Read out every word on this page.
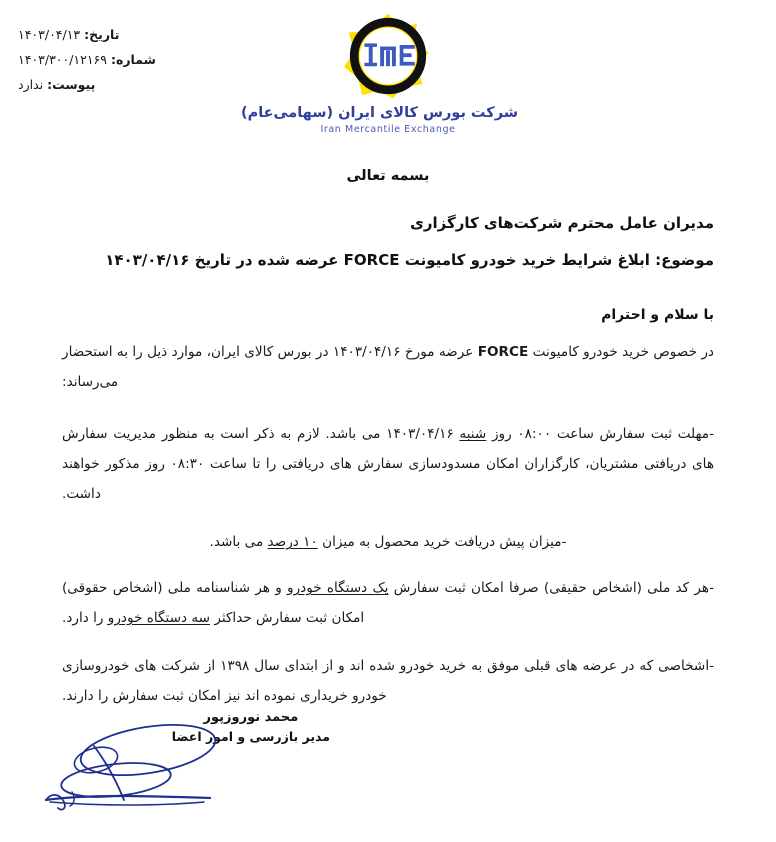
تاریخ: ۱۴۰۳/۰۴/۱۳
شماره: ۱۴۰۳/۳۰۰/۱۲۱۶۹
پیوست: ندارد
شرکت بورس کالای ایران (سهامی‌عام)
Iran Mercantile Exchange
بسمه تعالی
مدیران عامل محترم شرکت‌های کارگزاری
موضوع: ابلاغ شرایط خرید خودرو کامیونت FORCE عرضه شده در تاریخ ۱۴۰۳/۰۴/۱۶
با سلام و احترام

در خصوص خرید خودرو کامیونت FORCE عرضه مورخ ۱۴۰۳/۰۴/۱۶ در بورس کالای ایران، موارد ذیل را به استحضار می‌رساند:

-مهلت ثبت سفارش ساعت ۰۸:۰۰ روز شنبه ۱۴۰۳/۰۴/۱۶ می باشد. لازم به ذکر است به منظور مدیریت سفارش های دریافتی مشتریان، کارگزاران امکان مسدودسازی سفارش های دریافتی را تا ساعت ۰۸:۳۰ روز مذکور خواهند داشت.

-میزان پیش دریافت خرید محصول به میزان ۱۰ درصد می باشد.

-هر کد ملی (اشخاص حقیقی) صرفا امکان ثبت سفارش یک دستگاه خودرو و هر شناسنامه ملی (اشخاص حقوقی) امکان ثبت سفارش حداکثر سه دستگاه خودرو را دارد.

-اشخاصی که در عرضه های قبلی موفق به خرید خودرو شده اند و از ابتدای سال ۱۳۹۸ از شرکت های خودروسازی خودرو خریداری نموده اند نیز امکان ثبت سفارش را دارند.

محمد نوروزپور
مدیر بازرسی و امور اعضا
